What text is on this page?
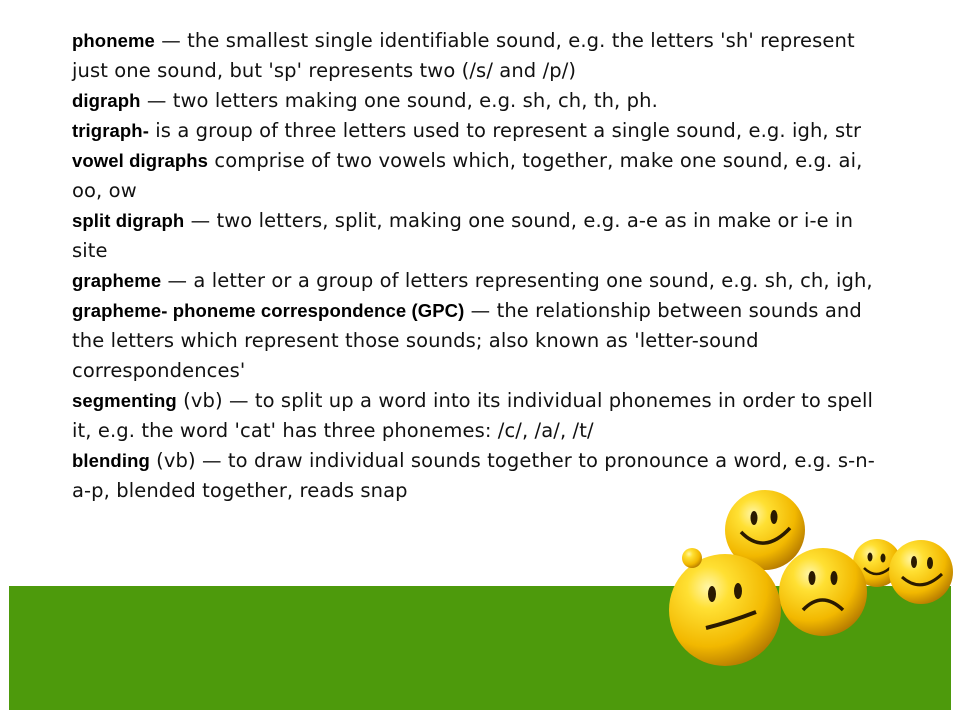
phoneme — the smallest single identifiable sound, e.g. the letters 'sh' represent just one sound, but 'sp' represents two (/s/ and /p/)
digraph — two letters making one sound, e.g. sh, ch, th, ph.
trigraph- is a group of three letters used to represent a single sound, e.g. igh, str
vowel digraphs comprise of two vowels which, together, make one sound, e.g. ai, oo, ow
split digraph — two letters, split, making one sound, e.g. a-e as in make or i-e in site
grapheme — a letter or a group of letters representing one sound, e.g. sh, ch, igh,
grapheme- phoneme correspondence (GPC) — the relationship between sounds and the letters which represent those sounds; also known as 'letter-sound correspondences'
segmenting (vb) — to split up a word into its individual phonemes in order to spell it, e.g. the word 'cat' has three phonemes: /c/, /a/, /t/
blending (vb) — to draw individual sounds together to pronounce a word, e.g. s-n-a-p, blended together, reads snap
